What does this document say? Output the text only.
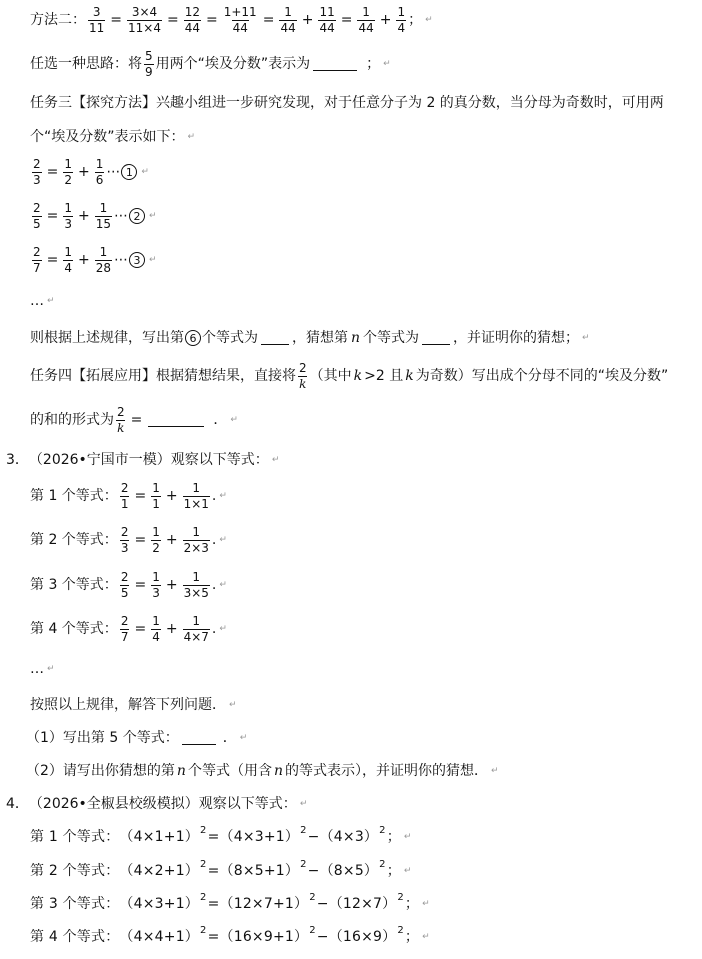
方法二： $\frac{3}{11} = \frac{3\times 4}{11\times 4} = \frac{12}{44} = \frac{1+11}{44} = \frac{1}{44} + \frac{11}{44} = \frac{1}{44} + \frac{1}{4}$ ； ↵
任选一种思路：将
5
9 用两个“埃及分数”表示为	； ↵
任务三【探究方法】兴趣小组进一步研究发现，对于任意分子为 2 的真分数，当分母为奇数时，可用两
个“埃及分数”表示如下： ↵
$\frac{2}{3} = \frac{1}{2} + \frac{1}{6}$ ⋯ 1 ↵
$\frac{2}{5} = \frac{1}{3} + \frac{1}{15}$ ⋯ 2 ↵
$\frac{2}{7} = \frac{1}{4} + \frac{1}{28}$ ⋯ 3 ↵
… ↵
则根据上述规律，写出第 6 个等式为 ，猜想第 n 个等式为 ，并证明你的猜想； ↵
任务四【拓展应用】根据猜想结果，直接将
2
k （其中 k >2 且 k 为奇数）写出成个分母不同的“埃及分数”
的和的形式为 $\frac{2}{k}$ =	． ↵
3． （2026•宁国市一模）观察以下等式： ↵
第 1 个等式： $\frac{2}{1} = \frac{1}{1} + \frac{1}{1\times 1}$ . ↵
第 2 个等式： $\frac{2}{3} = \frac{1}{2} + \frac{1}{2\times 3}$ . ↵
第 3 个等式： $\frac{2}{5} = \frac{1}{3} + \frac{1}{3\times 5}$ . ↵
第 4 个等式： $\frac{2}{7} = \frac{1}{4} + \frac{1}{4\times 7}$ . ↵
… ↵
按照以上规律，解答下列问题． ↵
（1）写出第 5 个等式：	． ↵
（2）请写出你猜想的第 n 个等式（用含 n 的等式表示），并证明你的猜想． ↵
4． （2026•全椒县校级模拟）观察以下等式： ↵
第 1 个等式： （4×1+1） 2 =（4×3+1） 2 −（4×3） 2 ； ↵
第 2 个等式： （4×2+1） 2 =（8×5+1） 2 −（8×5） 2 ； ↵
第 3 个等式： （4×3+1） 2 =（12×7+1） 2 −（12×7） 2 ； ↵
第 4 个等式： （4×4+1） 2 =（16×9+1） 2 −（16×9） 2 ； ↵
